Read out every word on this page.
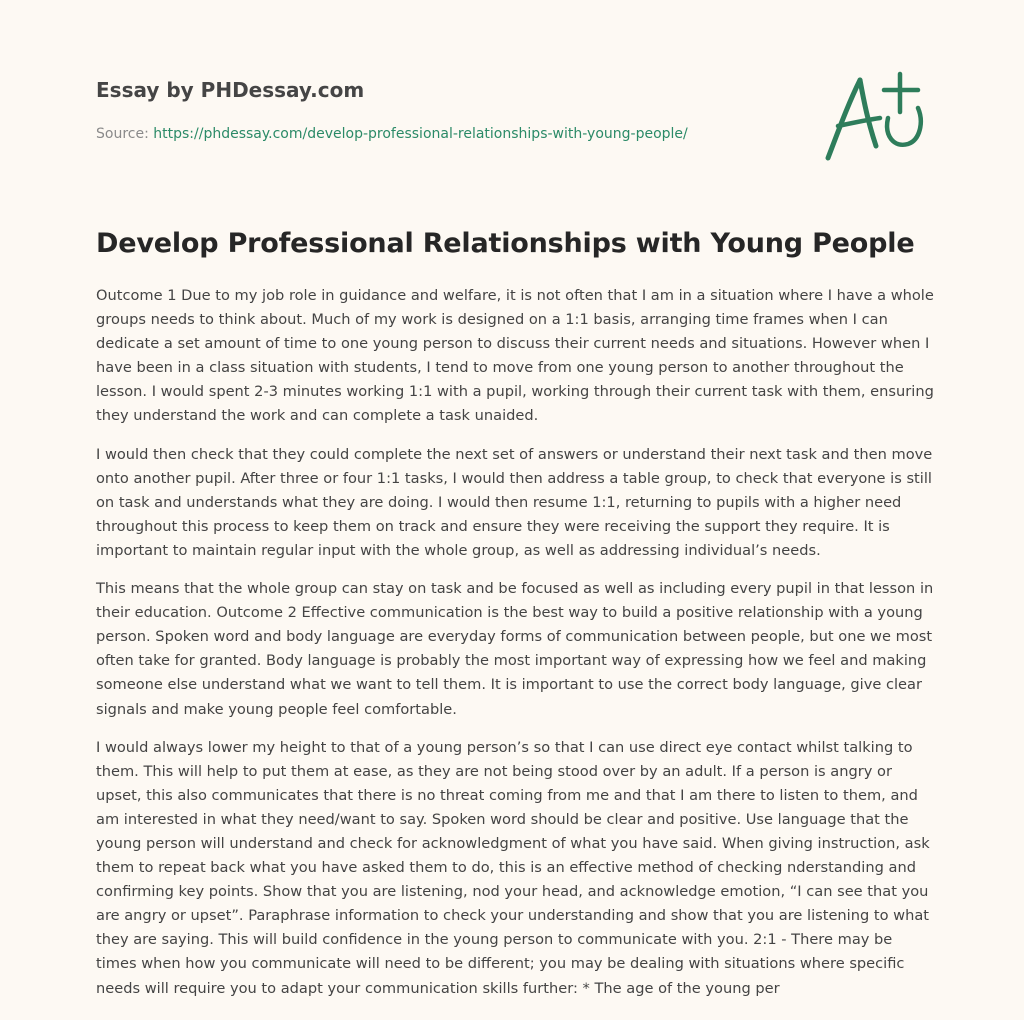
Essay by PHDessay.com
Source: https://phdessay.com/develop-professional-relationships-with-young-people/
Develop Professional Relationships with Young People

Outcome 1 Due to my job role in guidance and welfare, it is not often that I am in a situation where I have a whole groups needs to think about. Much of my work is designed on a 1:1 basis, arranging time frames when I can dedicate a set amount of time to one young person to discuss their current needs and situations. However when I have been in a class situation with students, I tend to move from one young person to another throughout the lesson. I would spent 2-3 minutes working 1:1 with a pupil, working through their current task with them, ensuring they understand the work and can complete a task unaided.

I would then check that they could complete the next set of answers or understand their next task and then move onto another pupil. After three or four 1:1 tasks, I would then address a table group, to check that everyone is still on task and understands what they are doing. I would then resume 1:1, returning to pupils with a higher need throughout this process to keep them on track and ensure they were receiving the support they require. It is important to maintain regular input with the whole group, as well as addressing individual’s needs.

This means that the whole group can stay on task and be focused as well as including every pupil in that lesson in their education. Outcome 2 Effective communication is the best way to build a positive relationship with a young person. Spoken word and body language are everyday forms of communication between people, but one we most often take for granted. Body language is probably the most important way of expressing how we feel and making someone else understand what we want to tell them. It is important to use the correct body language, give clear signals and make young people feel comfortable.

I would always lower my height to that of a young person’s so that I can use direct eye contact whilst talking to them. This will help to put them at ease, as they are not being stood over by an adult. If a person is angry or upset, this also communicates that there is no threat coming from me and that I am there to listen to them, and am interested in what they need/want to say. Spoken word should be clear and positive. Use language that the young person will understand and check for acknowledgment of what you have said. When giving instruction, ask them to repeat back what you have asked them to do, this is an effective method of checking nderstanding and confirming key points. Show that you are listening, nod your head, and acknowledge emotion, “I can see that you are angry or upset”. Paraphrase information to check your understanding and show that you are listening to what they are saying. This will build confidence in the young person to communicate with you. 2:1 - There may be times when how you communicate will need to be different; you may be dealing with situations where specific needs will require you to adapt your communication skills further: * The age of the young per
